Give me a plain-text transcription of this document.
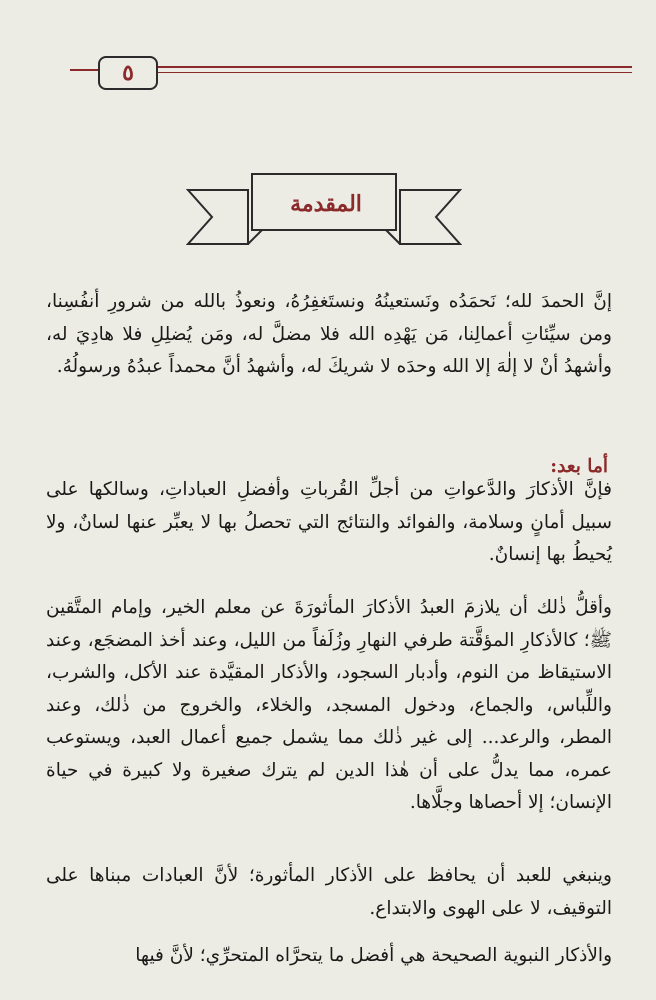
٥
المقدمة

إنَّ الحمدَ لله؛ نَحمَدُه ونَستعينُهُ ونستَغفِرُهُ، ونعوذُ بالله من شرورِ أنفُسِنا، ومن سيِّئاتِ أعمالِنا، مَن يَهْدِه الله فلا مضلَّ له، ومَن يُضلِلِ فلا هادِيَ له، وأشهدُ أنْ لا إلٰهَ إلا الله وحدَه لا شريكَ له، وأشهدُ أنَّ محمداً عبدُهُ ورسولُهُ.

أما بعد:

فإنَّ الأذكارَ والدَّعواتِ من أجلِّ القُرباتِ وأفضلِ العباداتِ، وسالكها على سبيل أمانٍ وسلامة، والفوائد والنتائج التي تحصلُ بها لا يعبِّر عنها لسانٌ، ولا يُحيطُ بها إنسانٌ.

وأقلُّ ذٰلك أن يلازمَ العبدُ الأذكارَ المأثورَةَ عن معلم الخير، وإمام المتَّقين ﷺ؛ كالأذكارِ المؤقَّتة طرفي النهارِ وزُلَفاً من الليل، وعند أخذ المضجَع، وعند الاستيقاظ من النوم، وأدبار السجود، والأذكار المقيَّدة عند الأكل، والشرب، واللِّباس، والجماع، ودخول المسجد، والخلاء، والخروج من ذٰلك، وعند المطر، والرعد... إلى غير ذٰلك مما يشمل جميع أعمال العبد، ويستوعب عمره، مما يدلُّ على أن هٰذا الدين لم يترك صغيرة ولا كبيرة في حياة الإنسان؛ إلا أحصاها وجلَّاها.

وينبغي للعبد أن يحافظ على الأذكار المأثورة؛ لأنَّ العبادات مبناها على التوقيف، لا على الهوى والابتداع.

والأذكار النبوية الصحيحة هي أفضل ما يتحرَّاه المتحرِّي؛ لأنَّ فيها
